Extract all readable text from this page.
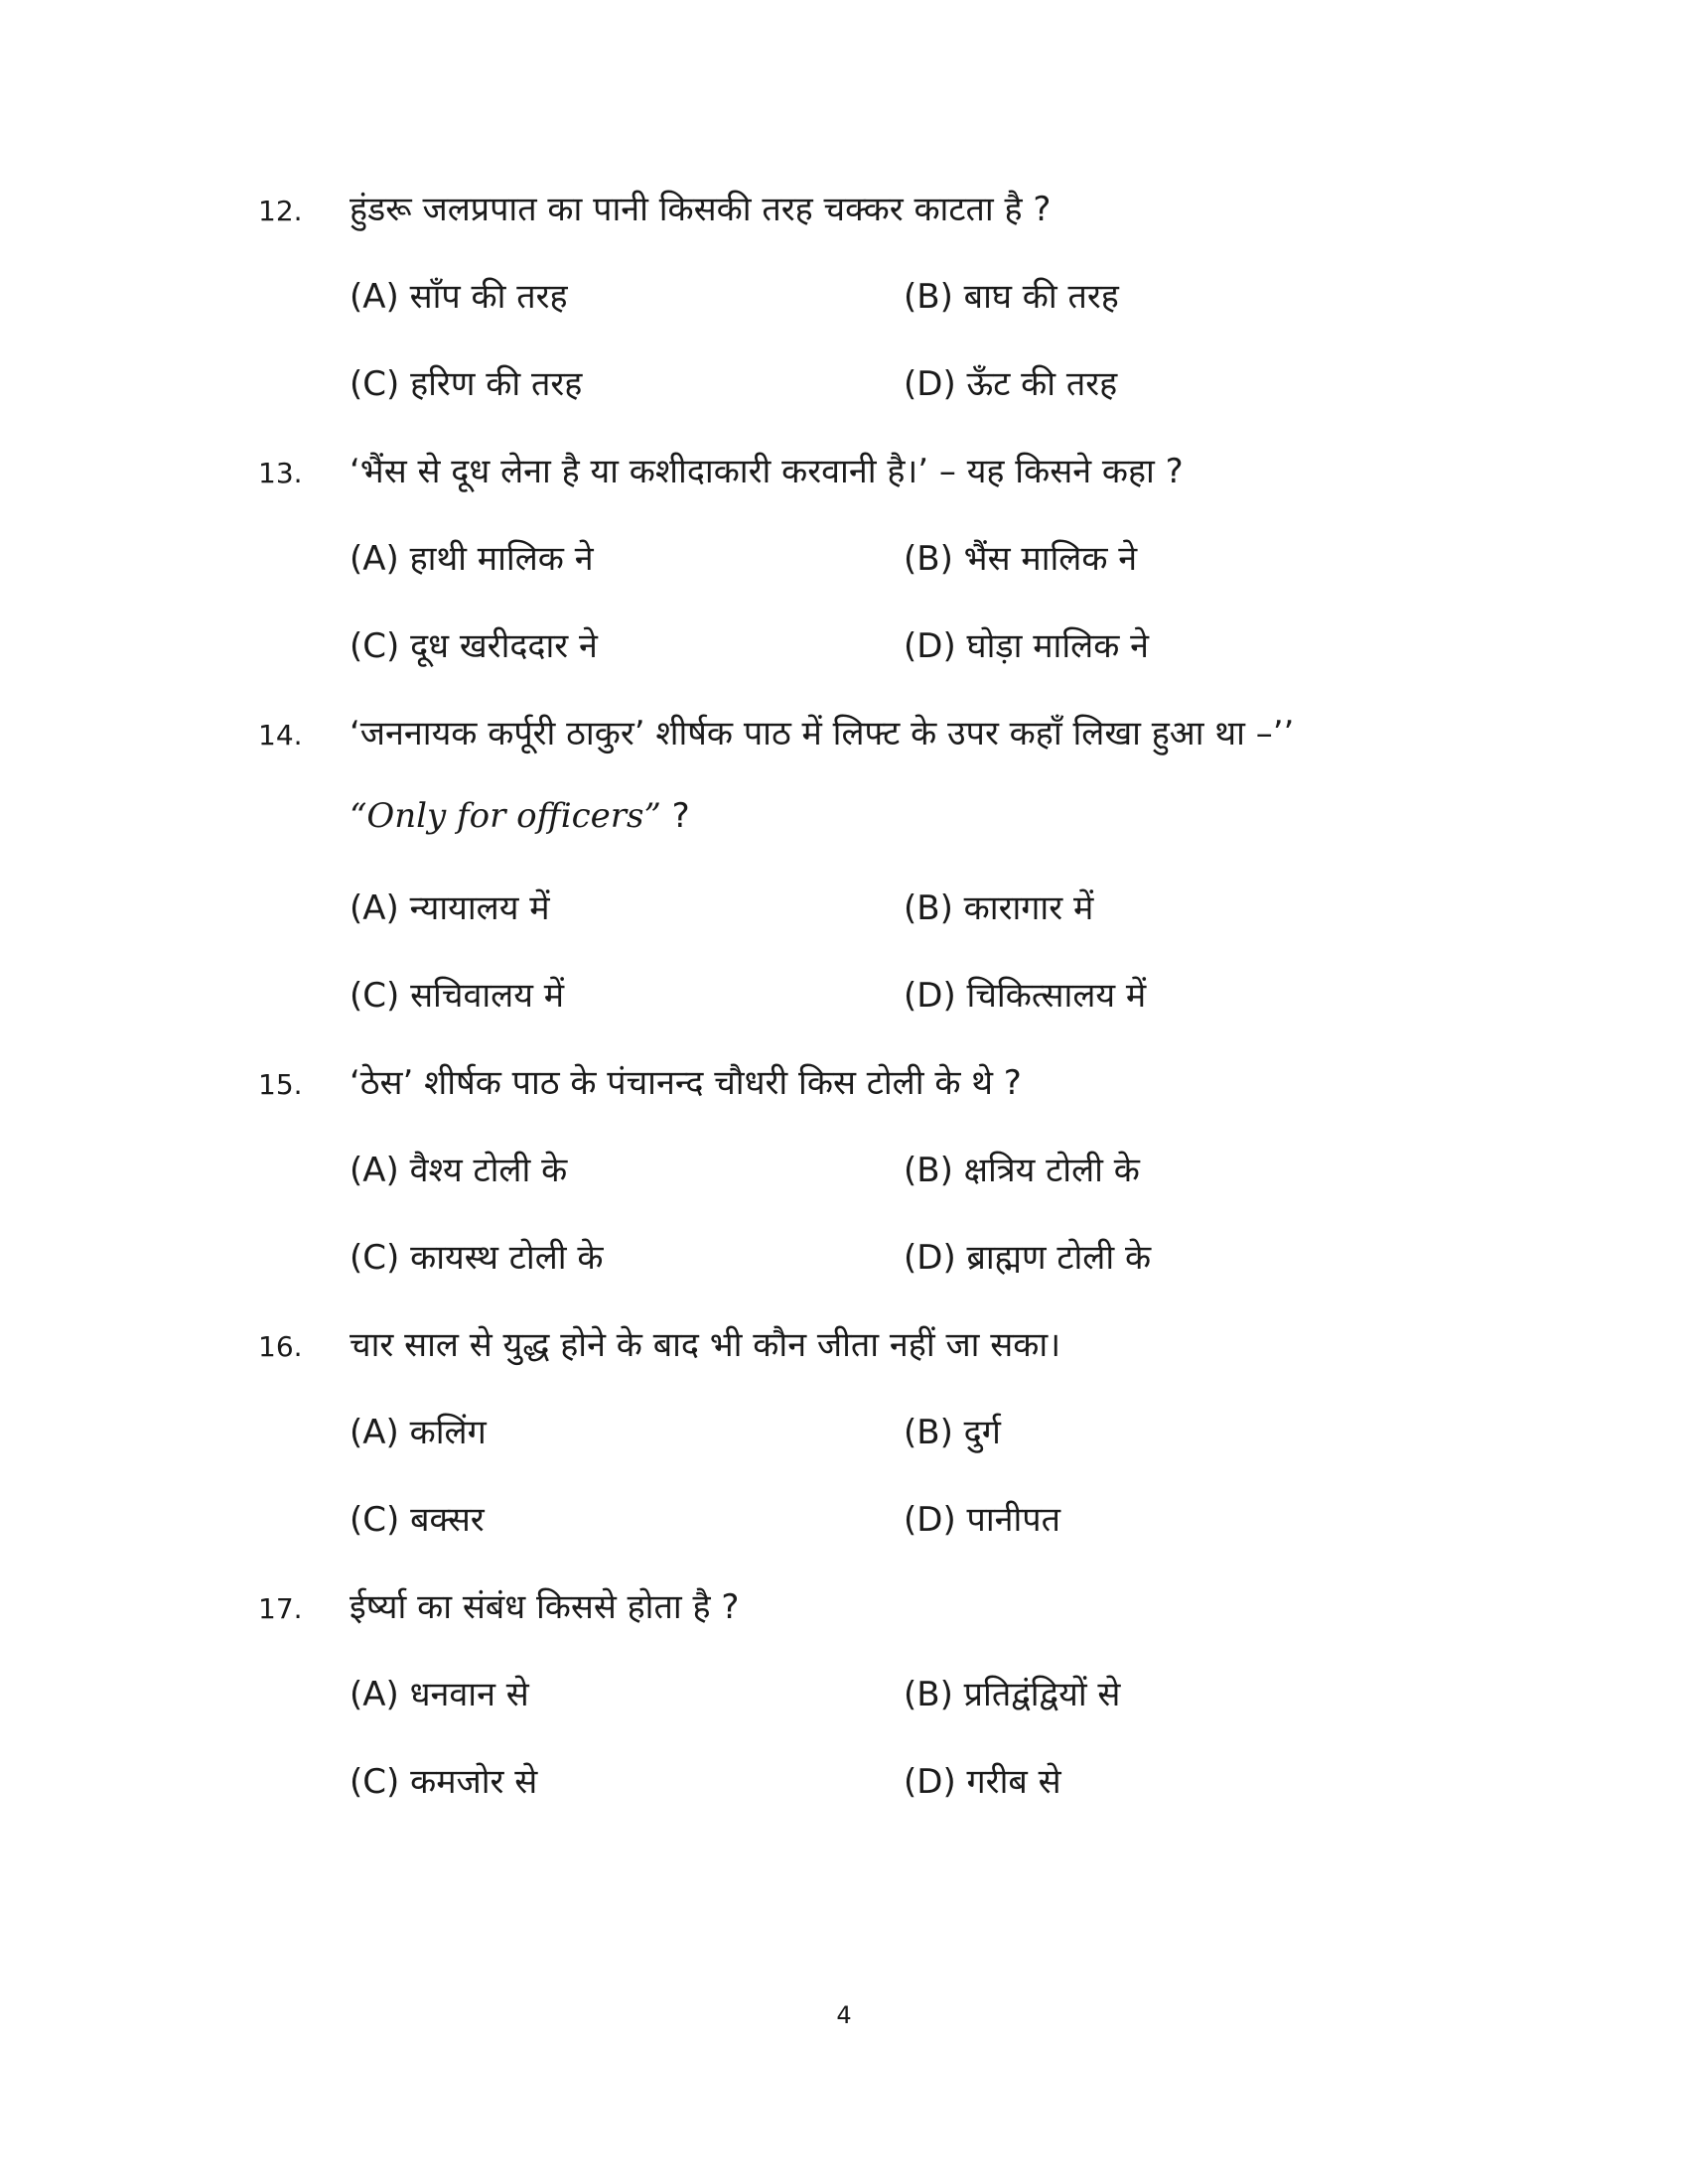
12. हुंडरू जलप्रपात का पानी किसकी तरह चक्कर काटता है ?
(A) साँप की तरह	(B) बाघ की तरह
(C) हरिण की तरह	(D) ऊँट की तरह
13. ‘भैंस से दूध लेना है या कशीदाकारी करवानी है।’ – यह किसने कहा ?
(A) हाथी मालिक ने	(B) भैंस मालिक ने
(C) दूध खरीददार ने	(D) घोड़ा मालिक ने
14. ‘जननायक कर्पूरी ठाकुर’ शीर्षक पाठ में लिफ्ट के उपर कहाँ लिखा हुआ था –’’
“Only for officers” ?
(A) न्यायालय में	(B) कारागार में
(C) सचिवालय में	(D) चिकित्सालय में
15. ‘ठेस’ शीर्षक पाठ के पंचानन्द चौधरी किस टोली के थे ?
(A) वैश्य टोली के	(B) क्षत्रिय टोली के
(C) कायस्थ टोली के	(D) ब्राह्मण टोली के
16. चार साल से युद्ध होने के बाद भी कौन जीता नहीं जा सका।
(A) कलिंग	(B) दुर्ग
(C) बक्सर	(D) पानीपत
17. ईर्ष्या का संबंध किससे होता है ?
(A) धनवान से	(B) प्रतिद्वंद्वियों से
(C) कमजोर से	(D) गरीब से
4
